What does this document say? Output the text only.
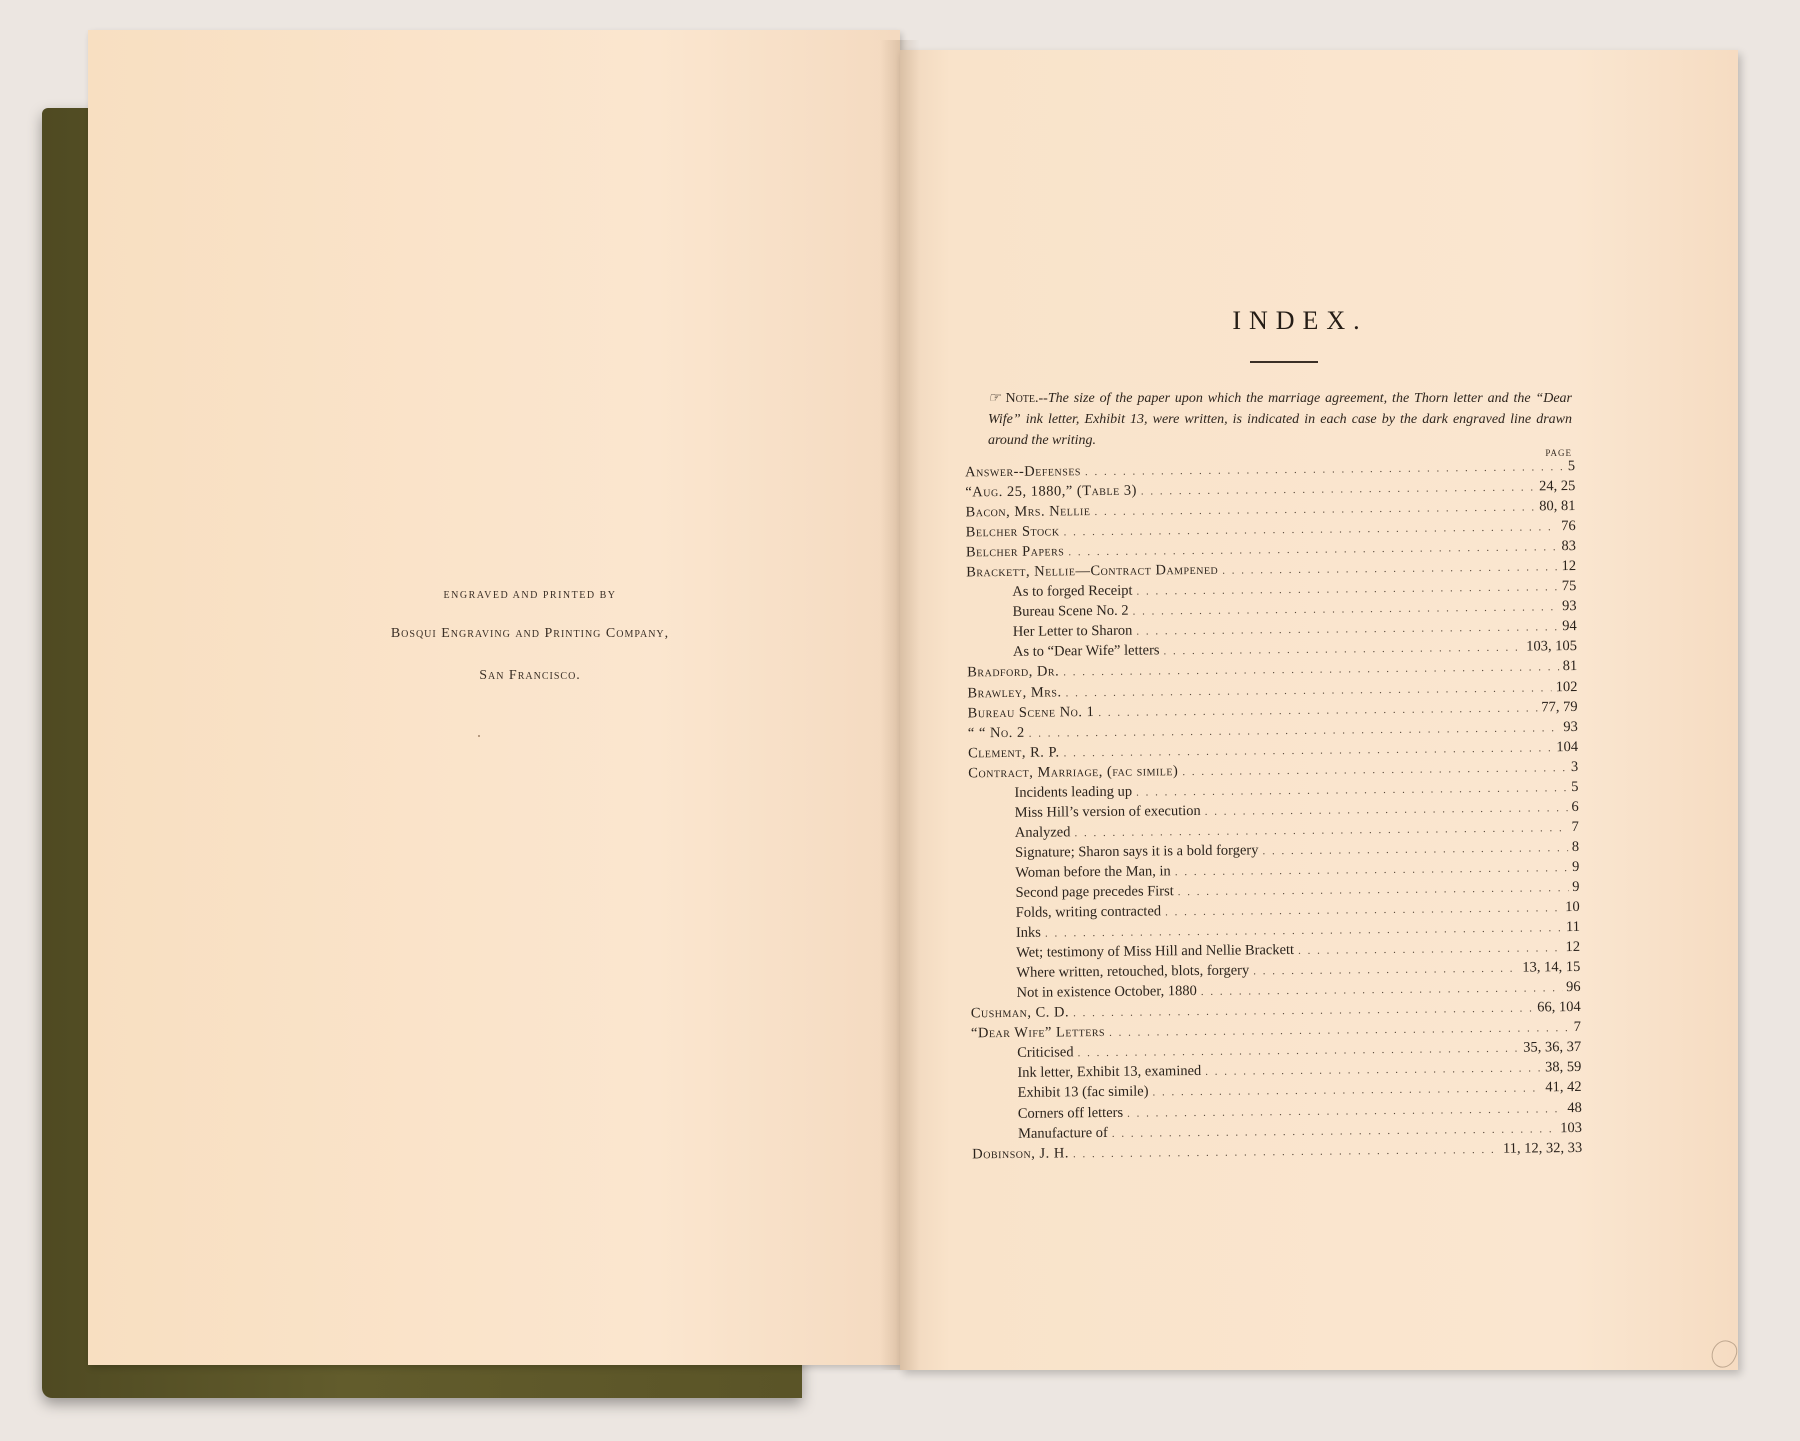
ENGRAVED AND PRINTED BY
Bosqui Engraving and Printing Company,
San Francisco.
INDEX.
☞ Note.--The size of the paper upon which the marriage agreement, the Thorn letter and the “Dear Wife” ink letter, Exhibit 13, were written, is indicated in each case by the dark engraved line drawn around the writing.
PAGE
Answer--Defenses . . .	5
“Aug. 25, 1880,” (Table 3) . . .	24, 25
Bacon, Mrs. Nellie . . .	80, 81
Belcher Stock . . .	76
Belcher Papers . . .	83
Brackett, Nellie—Contract Dampened . . .	12
As to forged Receipt . . .	75
Bureau Scene No. 2 . . .	93
Her Letter to Sharon . . .	94
As to “Dear Wife” letters . . .	103, 105
Bradford, Dr. . . .	81
Brawley, Mrs. . . .	102
Bureau Scene No. 1 . . .	77, 79
“ “ No. 2 . . .	93
Clement, R. P. . . .	104
Contract, Marriage, (fac simile) . . .	3
Incidents leading up . . .	5
Miss Hill’s version of execution . . .	6
Analyzed . . .	7
Signature; Sharon says it is a bold forgery . . .	8
Woman before the Man, in . . .	9
Second page precedes First . . .	9
Folds, writing contracted . . .	10
Inks . . .	11
Wet; testimony of Miss Hill and Nellie Brackett . . .	12
Where written, retouched, blots, forgery . . .	13, 14, 15
Not in existence October, 1880 . . .	96
Cushman, C. D. . . .	66, 104
“Dear Wife” Letters . . .	7
Criticised . . .	35, 36, 37
Ink letter, Exhibit 13, examined . . .	38, 59
Exhibit 13 (fac simile) . . .	41, 42
Corners off letters . . .	48
Manufacture of . . .	103
Dobinson, J. H. . . .	11, 12, 32, 33
